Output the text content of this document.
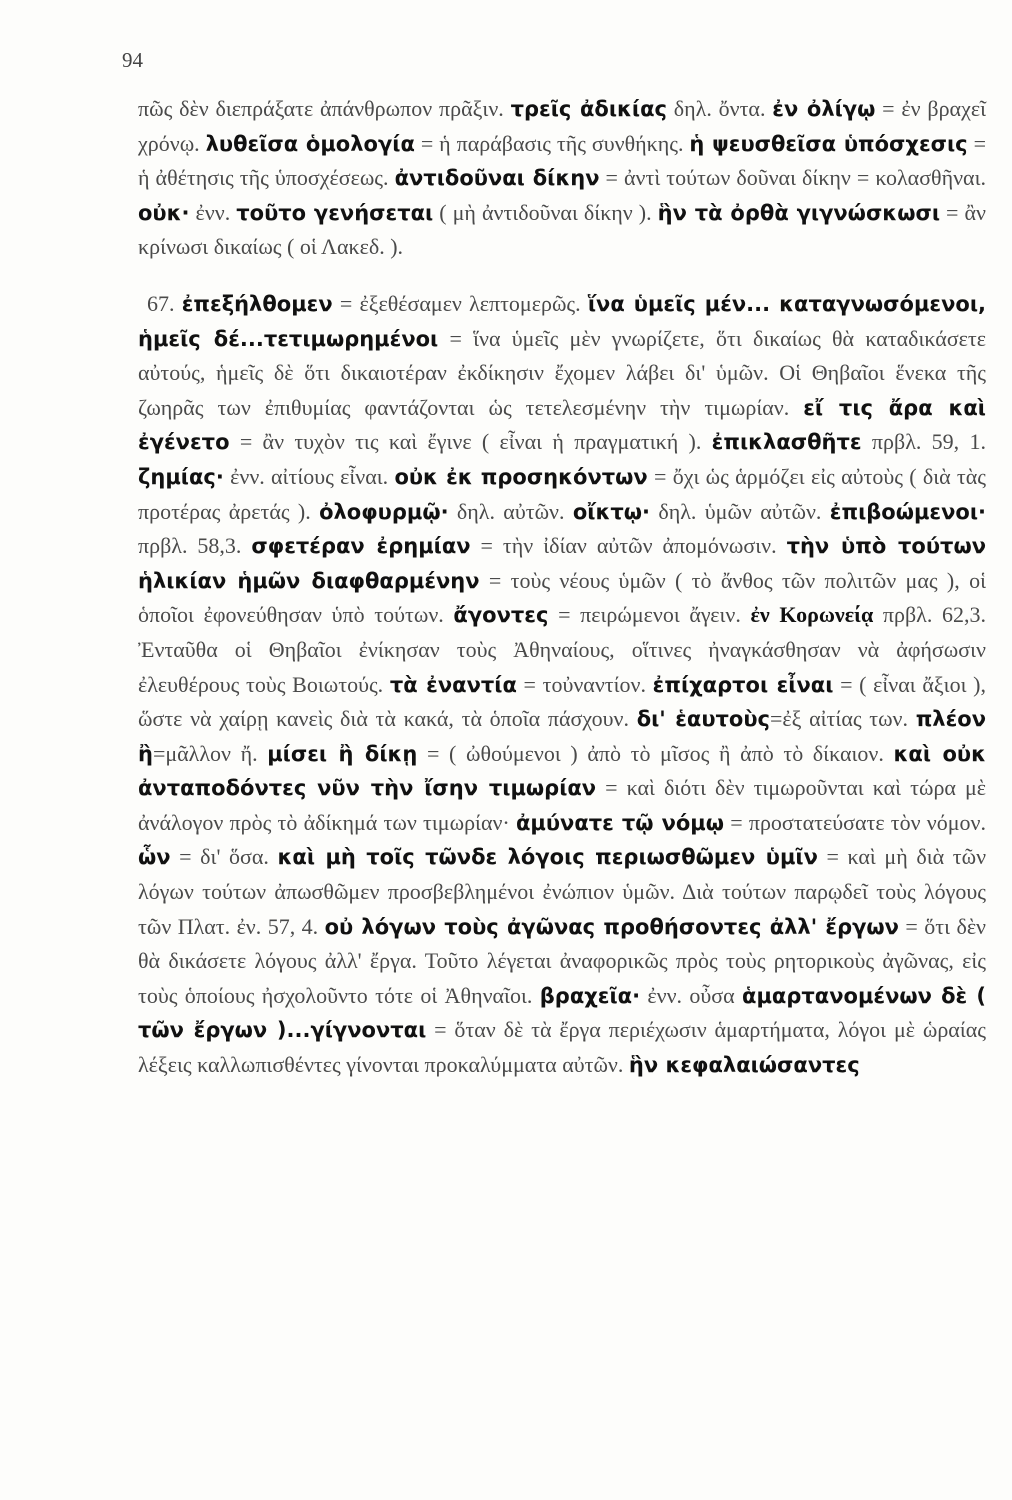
94

πῶς δὲν διεπράξατε ἀπάνθρωπον πρᾶξιν. τρεῖς ἀδικίας δηλ. ὄντα. ἐν ὀλίγῳ = ἐν βραχεῖ χρόνῳ. λυθεῖσα ὁμολογία = ἡ παράβασις τῆς συνθήκης. ἡ ψευσθεῖσα ὑπόσχεσις = ἡ ἀθέτησις τῆς ὑποσχέσεως. ἀντιδοῦναι δίκην = ἀντὶ τούτων δοῦναι δίκην = κολασθῆναι. οὐκ· ἐνν. τοῦτο γενήσεται ( μὴ ἀντιδοῦναι δίκην ). ἣν τὰ ὀρθὰ γιγνώσκωσι = ἂν κρίνωσι δικαίως ( οἱ Λακεδ. ).

67. ἐπεξήλθομεν = ἐξεθέσαμεν λεπτομερῶς. ἵνα ὑμεῖς μέν... καταγνωσόμενοι, ἡμεῖς δέ...τετιμωρημένοι = ἵνα ὑμεῖς μὲν γνωρίζετε, ὅτι δικαίως θὰ καταδικάσετε αὐτούς, ἡμεῖς δὲ ὅτι δικαιοτέραν ἐκδίκησιν ἔχομεν λάβει δι' ὑμῶν. Οἱ Θηβαῖοι ἕνεκα τῆς ζωηρᾶς των ἐπιθυμίας φαντάζονται ὡς τετελεσμένην τὴν τιμωρίαν. εἴ τις ἄρα καὶ ἐγένετο = ἂν τυχὸν τις καὶ ἔγινε ( εἶναι ἡ πραγματική ). ἐπικλασθῆτε πρβλ. 59, 1. ζημίας· ἐνν. αἰτίους εἶναι. οὐκ ἐκ προσηκόντων = ὄχι ὡς ἁρμόζει εἰς αὐτοὺς ( διὰ τὰς προτέρας ἀρετάς ). ὀλοφυρμῷ· δηλ. αὐτῶν. οἴκτῳ· δηλ. ὑμῶν αὐτῶν. ἐπιβοώμενοι· πρβλ. 58,3. σφετέραν ἐρημίαν = τὴν ἰδίαν αὐτῶν ἀπομόνωσιν. τὴν ὑπὸ τούτων ἡλικίαν ἡμῶν διαφθαρμένην = τοὺς νέους ὑμῶν ( τὸ ἄνθος τῶν πολιτῶν μας ), οἱ ὁποῖοι ἐφονεύθησαν ὑπὸ τούτων. ἄγοντες = πειρώμενοι ἄγειν. ἐν Κορωνείᾳ πρβλ. 62,3. Ἐνταῦθα οἱ Θηβαῖοι ἐνίκησαν τοὺς Ἀθηναίους, οἵτινες ἠναγκάσθησαν νὰ ἀφήσωσιν ἐλευθέρους τοὺς Βοιωτούς. τὰ ἐναντία = τοὐναντίον. ἐπίχαρτοι εἶναι = ( εἶναι ἄξιοι ), ὥστε νὰ χαίρῃ κανεὶς διὰ τὰ κακά, τὰ ὁποῖα πάσχουν. δι' ἑαυτοὺς=ἐξ αἰτίας των. πλέον ἢ=μᾶλλον ἤ. μίσει ἢ δίκῃ = ( ὠθούμενοι ) ἀπὸ τὸ μῖσος ἢ ἀπὸ τὸ δίκαιον. καὶ οὐκ ἀνταποδόντες νῦν τὴν ἴσην τιμωρίαν = καὶ διότι δὲν τιμωροῦνται καὶ τώρα μὲ ἀνάλογον πρὸς τὸ ἀδίκημά των τιμωρίαν· ἀμύνατε τῷ νόμῳ = προστατεύσατε τὸν νόμον. ὧν = δι' ὅσα. καὶ μὴ τοῖς τῶνδε λόγοις περιωσθῶμεν ὑμῖν = καὶ μὴ διὰ τῶν λόγων τούτων ἀπωσθῶμεν προσβεβλημένοι ἐνώπιον ὑμῶν. Διὰ τούτων παρῳδεῖ τοὺς λόγους τῶν Πλατ. ἐν. 57, 4. οὐ λόγων τοὺς ἀγῶνας προθήσοντες ἀλλ' ἔργων = ὅτι δὲν θὰ δικάσετε λόγους ἀλλ' ἔργα. Τοῦτο λέγεται ἀναφορικῶς πρὸς τοὺς ρητορικοὺς ἀγῶνας, εἰς τοὺς ὁποίους ἠσχολοῦντο τότε οἱ Ἀθηναῖοι. βραχεῖα· ἐνν. οὖσα ἁμαρτανομένων δὲ ( τῶν ἔργων )...γίγνονται = ὅταν δὲ τὰ ἔργα περιέχωσιν ἁμαρτήματα, λόγοι μὲ ὡραίας λέξεις καλλωπισθέντες γίνονται προκαλύμματα αὐτῶν. ἣν κεφαλαιώσαντες
